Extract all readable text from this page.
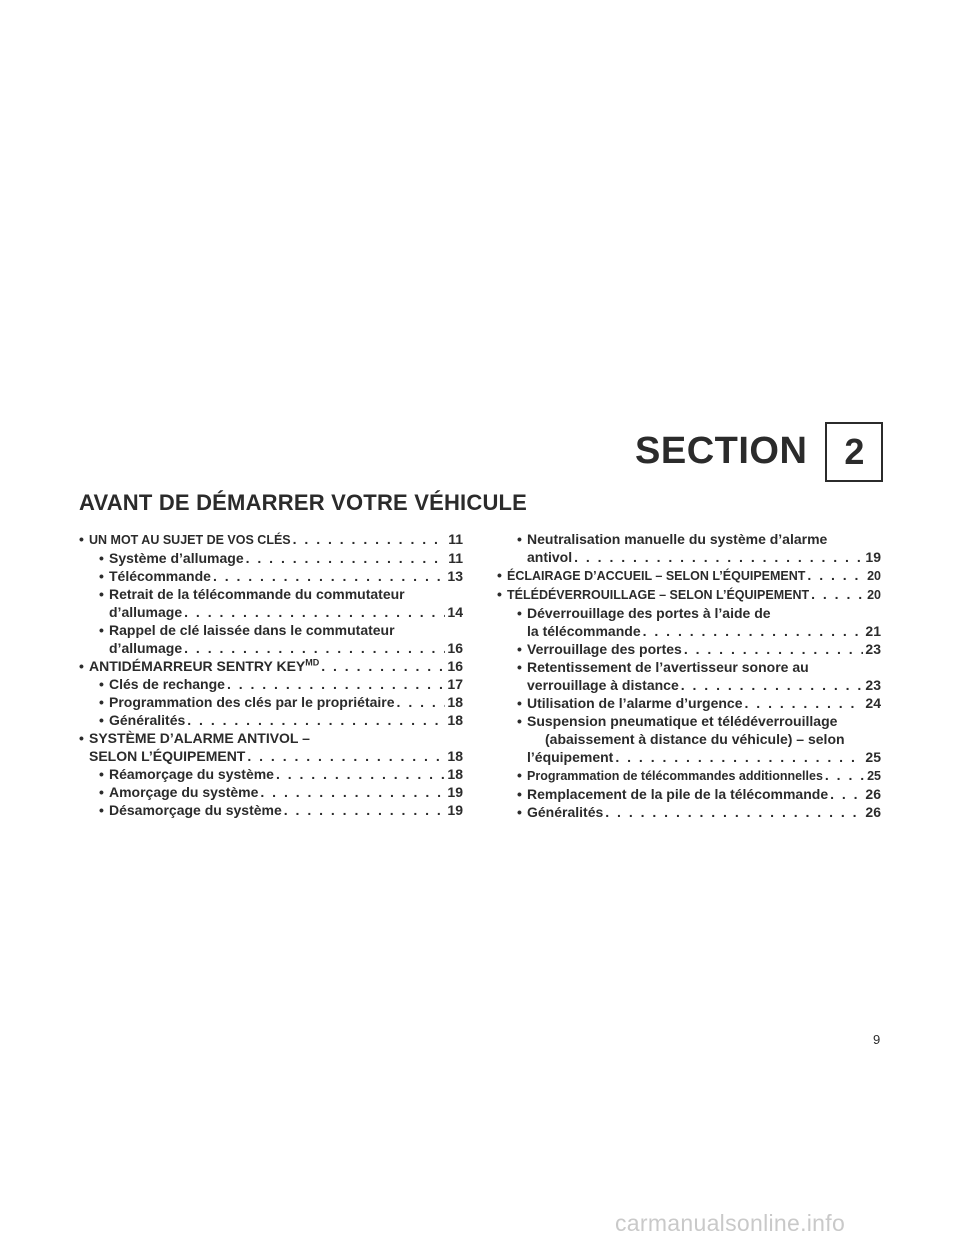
SECTION	2
AVANT DE DÉMARRER VOTRE VÉHICULE
• UN MOT AU SUJET DE VOS CLÉS . . .	11
• Système d’allumage . . .	11
• Télécommande . . .	13
• Retrait de la télécommande du commutateur
d’allumage . . .	14
• Rappel de clé laissée dans le commutateur
d’allumage . . .	16
• ANTIDÉMARREUR SENTRY $KEY^{MD}$ . . .	16
• Clés de rechange . . .	17
• Programmation des clés par le propriétaire . . .	18
• Généralités . . .	18
• SYSTÈME D’ALARME ANTIVOL –
SELON L’ÉQUIPEMENT . . .	18
• Réamorçage du système . . .	18
• Amorçage du système . . .	19
• Désamorçage du système . . .	19
• Neutralisation manuelle du système d’alarme
antivol . . .	19
• ÉCLAIRAGE D’ACCUEIL – SELON L’ÉQUIPEMENT . . .	20
• TÉLÉDÉVERROUILLAGE – SELON L’ÉQUIPEMENT . . .	20
• Déverrouillage des portes à l’aide de
la télécommande . . .	21
• Verrouillage des portes . . .	23
• Retentissement de l’avertisseur sonore au
verrouillage à distance . . .	23
• Utilisation de l’alarme d’urgence . . .	24
• Suspension pneumatique et télédéverrouillage
(abaissement à distance du véhicule) – selon
l’équipement . . .	25
• Programmation de télécommandes additionnelles . . .	25
• Remplacement de la pile de la télécommande . . .	26
• Généralités . . .	26
9
carmanualsonline.info
